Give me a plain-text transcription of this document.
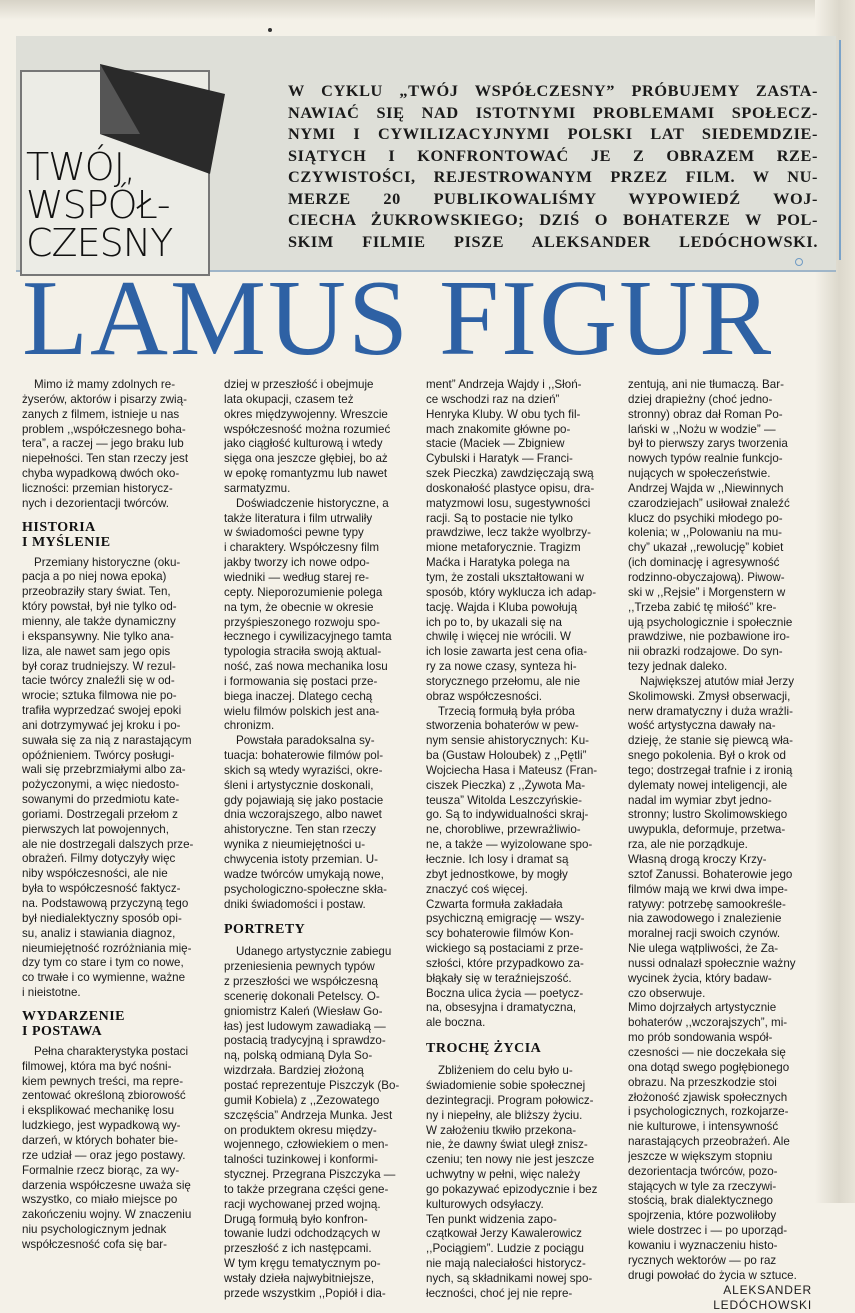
TWÓJ,
WSPÓŁ-
CZESNY
W CYKLU „TWÓJ WSPÓŁCZESNY” PRÓBUJEMY ZASTA-
NAWIAĆ SIĘ NAD ISTOTNYMI PROBLEMAMI SPOŁECZ-
NYMI I CYWILIZACYJNYMI POLSKI LAT SIEDEMDZIE-
SIĄTYCH I KONFRONTOWAĆ JE Z OBRAZEM RZE-
CZYWISTOŚCI, REJESTROWANYM PRZEZ FILM. W NU-
MERZE 20 PUBLIKOWALIŚMY WYPOWIEDŹ WOJ-
CIECHA ŻUKROWSKIEGO; DZIŚ O BOHATERZE W POL-
SKIM FILMIE PISZE ALEKSANDER LEDÓCHOWSKI.
LAMUS FIGUR
Mimo iż mamy zdolnych re-
żyserów, aktorów i pisarzy zwią-
zanych z filmem, istnieje u nas
problem ,,współczesnego boha-
tera”, a raczej — jego braku lub
niepełności. Ten stan rzeczy jest
chyba wypadkową dwóch oko-
liczności: przemian historycz-
nych i dezorientacji twórców.
HISTORIA
I MYŚLENIE
Przemiany historyczne (oku-
pacja a po niej nowa epoka)
przeobraziły stary świat. Ten,
który powstał, był nie tylko od-
mienny, ale także dynamiczny
i ekspansywny. Nie tylko ana-
liza, ale nawet sam jego opis
był coraz trudniejszy. W rezul-
tacie twórcy znaleźli się w od-
wrocie; sztuka filmowa nie po-
trafiła wyprzedzać swojej epoki
ani dotrzymywać jej kroku i po-
suwała się za nią z narastającym
opóźnieniem. Twórcy posługi-
wali się przebrzmiałymi albo za-
pożyczonymi, a więc niedosto-
sowanymi do przedmiotu kate-
goriami. Dostrzegali przełom z
pierwszych lat powojennych,
ale nie dostrzegali dalszych prze-
obrażeń. Filmy dotyczyły więc
niby współczesności, ale nie
była to współczesność faktycz-
na. Podstawową przyczyną tego
był niedialektyczny sposób opi-
su, analiz i stawiania diagnoz,
nieumiejętność rozróżniania mię-
dzy tym co stare i tym co nowe,
co trwałe i co wymienne, ważne
i nieistotne.
WYDARZENIE
I POSTAWA
Pełna charakterystyka postaci
filmowej, która ma być nośni-
kiem pewnych treści, ma repre-
zentować określoną zbiorowość
i eksplikować mechanikę losu
ludzkiego, jest wypadkową wy-
darzeń, w których bohater bie-
rze udział — oraz jego postawy.
Formalnie rzecz biorąc, za wy-
darzenia współczesne uważa się
wszystko, co miało miejsce po
zakończeniu wojny. W znaczeniu
niu psychologicznym jednak
współczesność cofa się bar-
dziej w przeszłość i obejmuje
lata okupacji, czasem też
okres międzywojenny. Wreszcie
współczesność można rozumieć
jako ciągłość kulturową i wtedy
sięga ona jeszcze głębiej, bo aż
w epokę romantyzmu lub nawet
sarmatyzmu.
Doświadczenie historyczne, a
także literatura i film utrwaliły
w świadomości pewne typy
i charaktery. Współczesny film
jakby tworzy ich nowe odpo-
wiedniki — według starej re-
cepty. Nieporozumienie polega
na tym, że obecnie w okresie
przyśpieszonego rozwoju spo-
łecznego i cywilizacyjnego tamta
typologia straciła swoją aktual-
ność, zaś nowa mechanika losu
i formowania się postaci prze-
biega inaczej. Dlatego cechą
wielu filmów polskich jest ana-
chronizm.
Powstała paradoksalna sy-
tuacja: bohaterowie filmów pol-
skich są wtedy wyraziści, okre-
śleni i artystycznie doskonali,
gdy pojawiają się jako postacie
dnia wczorajszego, albo nawet
ahistoryczne. Ten stan rzeczy
wynika z nieumiejętności u-
chwycenia istoty przemian. U-
wadze twórców umykają nowe,
psychologiczno-społeczne skła-
dniki świadomości i postaw.
PORTRETY
Udanego artystycznie zabiegu
przeniesienia pewnych typów
z przeszłości we współczesną
scenerię dokonali Petelscy. O-
gniomistrz Kaleń (Wiesław Go-
łas) jest ludowym zawadiaką —
postacią tradycyjną i sprawdzo-
ną, polską odmianą Dyla So-
wizdrzała. Bardziej złożoną
postać reprezentuje Piszczyk (Bo-
gumił Kobiela) z ,,Zezowatego
szczęścia” Andrzeja Munka. Jest
on produktem okresu między-
wojennego, człowiekiem o men-
talności tuzinkowej i konformi-
stycznej. Przegrana Piszczyka —
to także przegrana części gene-
racji wychowanej przed wojną.
Drugą formułą było konfron-
towanie ludzi odchodzących w
przeszłość z ich następcami.
W tym kręgu tematycznym po-
wstały dzieła najwybitniejsze,
przede wszystkim ,,Popiół i dia-
ment” Andrzeja Wajdy i ,,Słoń-
ce wschodzi raz na dzień”
Henryka Kluby. W obu tych fil-
mach znakomite główne po-
stacie (Maciek — Zbigniew
Cybulski i Haratyk — Franci-
szek Pieczka) zawdzięczają swą
doskonałość plastyce opisu, dra-
matyzmowi losu, sugestywności
racji. Są to postacie nie tylko
prawdziwe, lecz także wyolbrzy-
mione metaforycznie. Tragizm
Maćka i Haratyka polega na
tym, że zostali ukształtowani w
sposób, który wyklucza ich adap-
tację. Wajda i Kluba powołują
ich po to, by ukazali się na
chwilę i więcej nie wrócili. W
ich losie zawarta jest cena ofia-
ry za nowe czasy, synteza hi-
storycznego przełomu, ale nie
obraz współczesności.
Trzecią formułą była próba
stworzenia bohaterów w pew-
nym sensie ahistorycznych: Ku-
ba (Gustaw Holoubek) z ,,Pętli”
Wojciecha Hasa i Mateusz (Fran-
ciszek Pieczka) z ,,Żywota Ma-
teusza” Witolda Leszczyńskie-
go. Są to indywidualności skraj-
ne, chorobliwe, przewrażliwio-
ne, a także — wyizolowane spo-
łecznie. Ich losy i dramat są
zbyt jednostkowe, by mogły
znaczyć coś więcej.
Czwarta formuła zakładała
psychiczną emigrację — wszy-
scy bohaterowie filmów Kon-
wickiego są postaciami z prze-
szłości, które przypadkowo za-
błąkały się w teraźniejszość.
Boczna ulica życia — poetycz-
na, obsesyjna i dramatyczna,
ale boczna.
TROCHĘ ŻYCIA
Zbliżeniem do celu było u-
świadomienie sobie społecznej
dezintegracji. Program połowicz-
ny i niepełny, ale bliższy życiu.
W założeniu tkwiło przekona-
nie, że dawny świat uległ znisz-
czeniu; ten nowy nie jest jeszcze
uchwytny w pełni, więc należy
go pokazywać epizodycznie i bez
kulturowych odsyłaczy.
Ten punkt widzenia zapo-
czątkował Jerzy Kawalerowicz
,,Pociągiem”. Ludzie z pociągu
nie mają naleciałości historycz-
nych, są składnikami nowej spo-
łeczności, choć jej nie repre-
zentują, ani nie tłumaczą. Bar-
dziej drapieżny (choć jedno-
stronny) obraz dał Roman Po-
lański w ,,Nożu w wodzie” —
był to pierwszy zarys tworzenia
nowych typów realnie funkcjo-
nujących w społeczeństwie.
Andrzej Wajda w ,,Niewinnych
czarodziejach” usiłował znaleźć
klucz do psychiki młodego po-
kolenia; w ,,Polowaniu na mu-
chy” ukazał ,,rewolucję” kobiet
(ich dominację i agresywność
rodzinno-obyczajową). Piwow-
ski w ,,Rejsie” i Morgenstern w
,,Trzeba zabić tę miłość” kre-
ują psychologicznie i społecznie
prawdziwe, nie pozbawione iro-
nii obrazki rodzajowe. Do syn-
tezy jednak daleko.
Największej atutów miał Jerzy
Skolimowski. Zmysł obserwacji,
nerw dramatyczny i duża wrażli-
wość artystyczna dawały na-
dzieję, że stanie się piewcą wła-
snego pokolenia. Był o krok od
tego; dostrzegał trafnie i z ironią
dylematy nowej inteligencji, ale
nadal im wymiar zbyt jedno-
stronny; lustro Skolimowskiego
uwypukla, deformuje, przetwa-
rza, ale nie porządkuje.
Własną drogą kroczy Krzy-
sztof Zanussi. Bohaterowie jego
filmów mają we krwi dwa impe-
ratywy: potrzebę samookreśle-
nia zawodowego i znalezienie
moralnej racji swoich czynów.
Nie ulega wątpliwości, że Za-
nussi odnalazł społecznie ważny
wycinek życia, który badaw-
czo obserwuje.
Mimo dojrzałych artystycznie
bohaterów ,,wczorajszych”, mi-
mo prób sondowania współ-
czesności — nie doczekała się
ona dotąd swego pogłębionego
obrazu. Na przeszkodzie stoi
złożoność zjawisk społecznych
i psychologicznych, rozkojarze-
nie kulturowe, i intensywność
narastających przeobrażeń. Ale
jeszcze w większym stopniu
dezorientacja twórców, pozo-
stających w tyle za rzeczywi-
stością, brak dialektycznego
spojrzenia, które pozwoliłoby
wiele dostrzec i — po uporząd-
kowaniu i wyznaczeniu histo-
rycznych wektorów — po raz
drugi powołać do życia w sztuce.
ALEKSANDER
LEDÓCHOWSKI
